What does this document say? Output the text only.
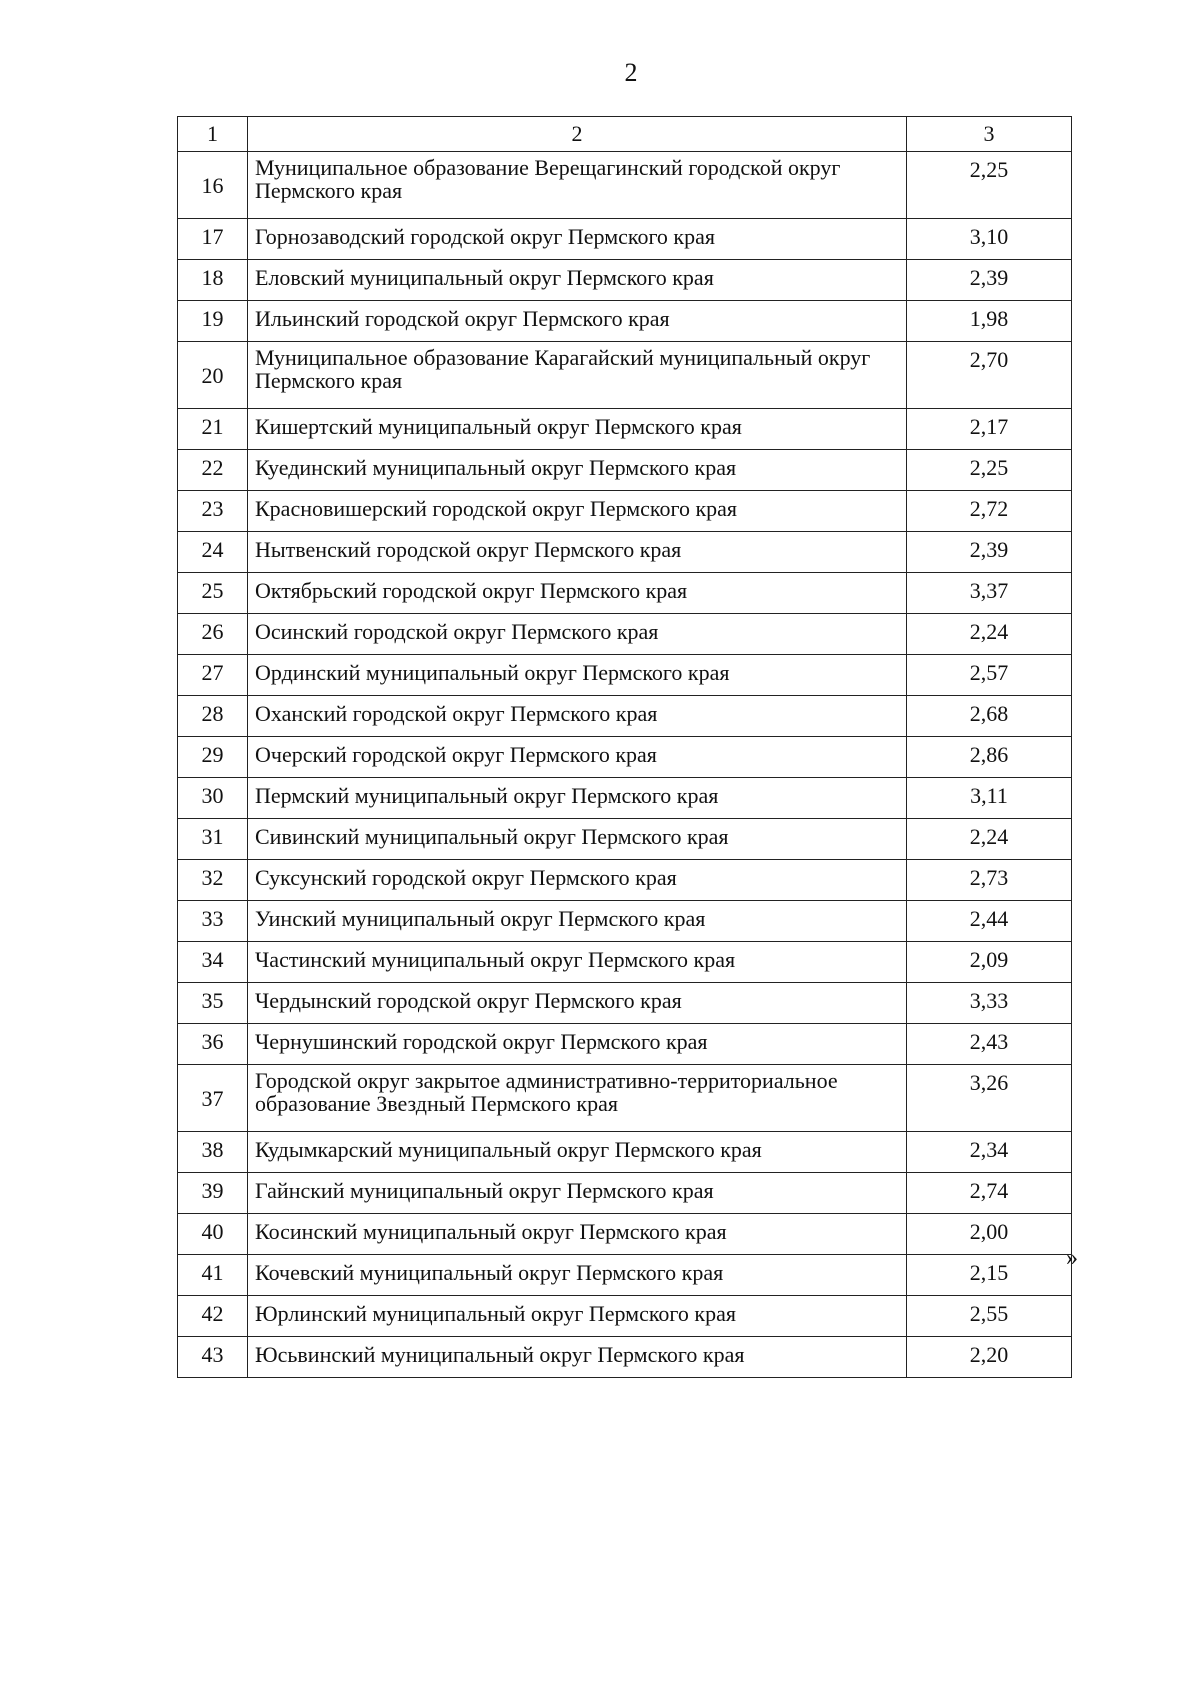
2
1	2	3
16	Муниципальное образование Верещагинский городской округ Пермского края	2,25
17	Горнозаводский городской округ Пермского края	3,10
18	Еловский муниципальный округ Пермского края	2,39
19	Ильинский городской округ Пермского края	1,98
20	Муниципальное образование Карагайский муниципальный округ Пермского края	2,70
21	Кишертский муниципальный округ Пермского края	2,17
22	Куединский муниципальный округ Пермского края	2,25
23	Красновишерский городской округ Пермского края	2,72
24	Нытвенский городской округ Пермского края	2,39
25	Октябрьский городской округ Пермского края	3,37
26	Осинский городской округ Пермского края	2,24
27	Ординский муниципальный округ Пермского края	2,57
28	Оханский городской округ Пермского края	2,68
29	Очерский городской округ Пермского края	2,86
30	Пермский муниципальный округ Пермского края	3,11
31	Сивинский муниципальный округ Пермского края	2,24
32	Суксунский городской округ Пермского края	2,73
33	Уинский муниципальный округ Пермского края	2,44
34	Частинский муниципальный округ Пермского края	2,09
35	Чердынский городской округ Пермского края	3,33
36	Чернушинский городской округ Пермского края	2,43
37	Городской округ закрытое административно-территориальное образование Звездный Пермского края	3,26
38	Кудымкарский муниципальный округ Пермского края	2,34
39	Гайнский муниципальный округ Пермского края	2,74
40	Косинский муниципальный округ Пермского края	2,00
41	Кочевский муниципальный округ Пермского края	2,15
42	Юрлинский муниципальный округ Пермского края	2,55
43	Юсьвинский муниципальный округ Пермского края	2,20
»
